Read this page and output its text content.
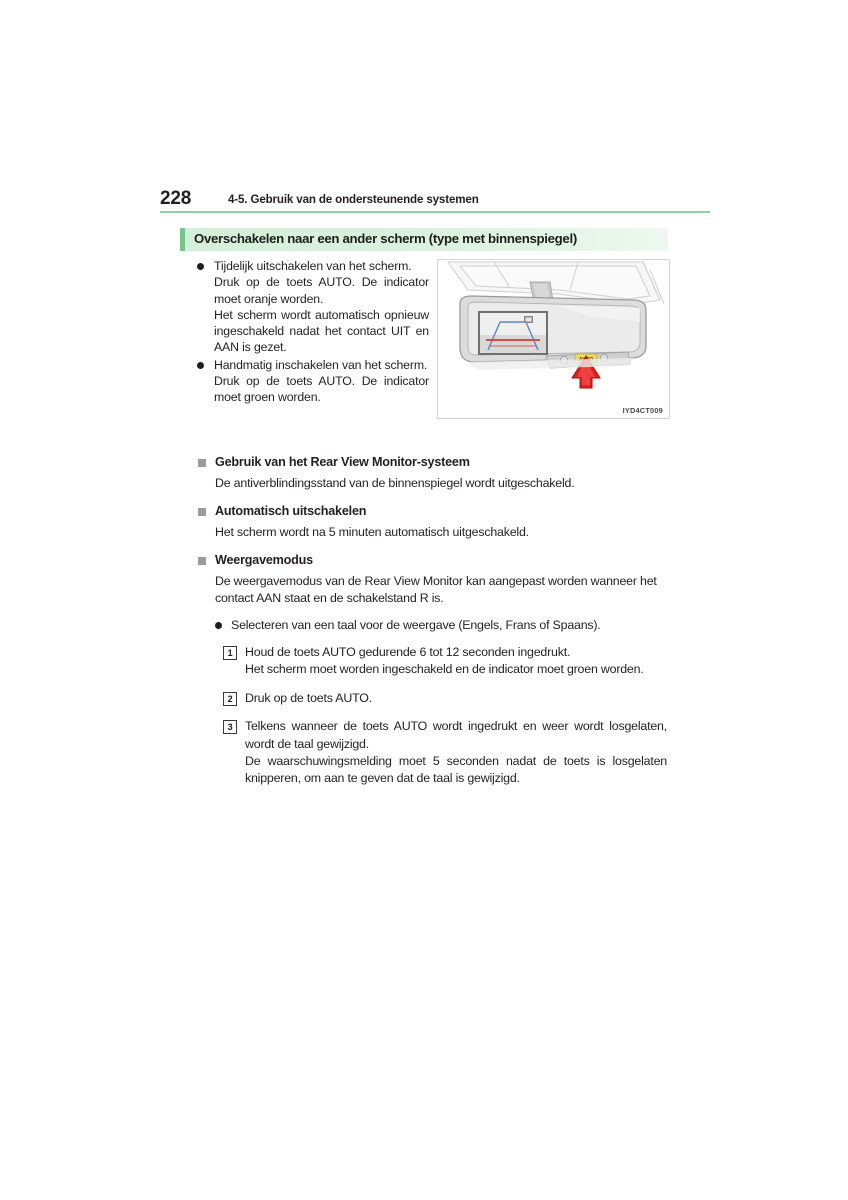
228	4-5. Gebruik van de ondersteunende systemen
Overschakelen naar een ander scherm (type met binnenspiegel)

Tijdelijk uitschakelen van het scherm.

Druk op de toets AUTO. De indicator moet oranje worden.

Het scherm wordt automatisch opnieuw ingeschakeld nadat het contact UIT en AAN is gezet.

Handmatig inschakelen van het scherm.

Druk op de toets AUTO. De indicator moet groen worden.

IYD4CT009
Gebruik van het Rear View Monitor-systeem

De antiverblindingsstand van de binnenspiegel wordt uitgeschakeld.

Automatisch uitschakelen

Het scherm wordt na 5 minuten automatisch uitgeschakeld.

Weergavemodus

De weergavemodus van de Rear View Monitor kan aangepast worden wanneer het contact AAN staat en de schakelstand R is.

Selecteren van een taal voor de weergave (Engels, Frans of Spaans).
1	Houd de toets AUTO gedurende 6 tot 12 seconden ingedrukt.

Het scherm moet worden ingeschakeld en de indicator moet groen worden.

2	Druk op de toets AUTO.

3	Telkens wanneer de toets AUTO wordt ingedrukt en weer wordt losgelaten, wordt de taal gewijzigd.

De waarschuwingsmelding moet 5 seconden nadat de toets is losgelaten knipperen, om aan te geven dat de taal is gewijzigd.
